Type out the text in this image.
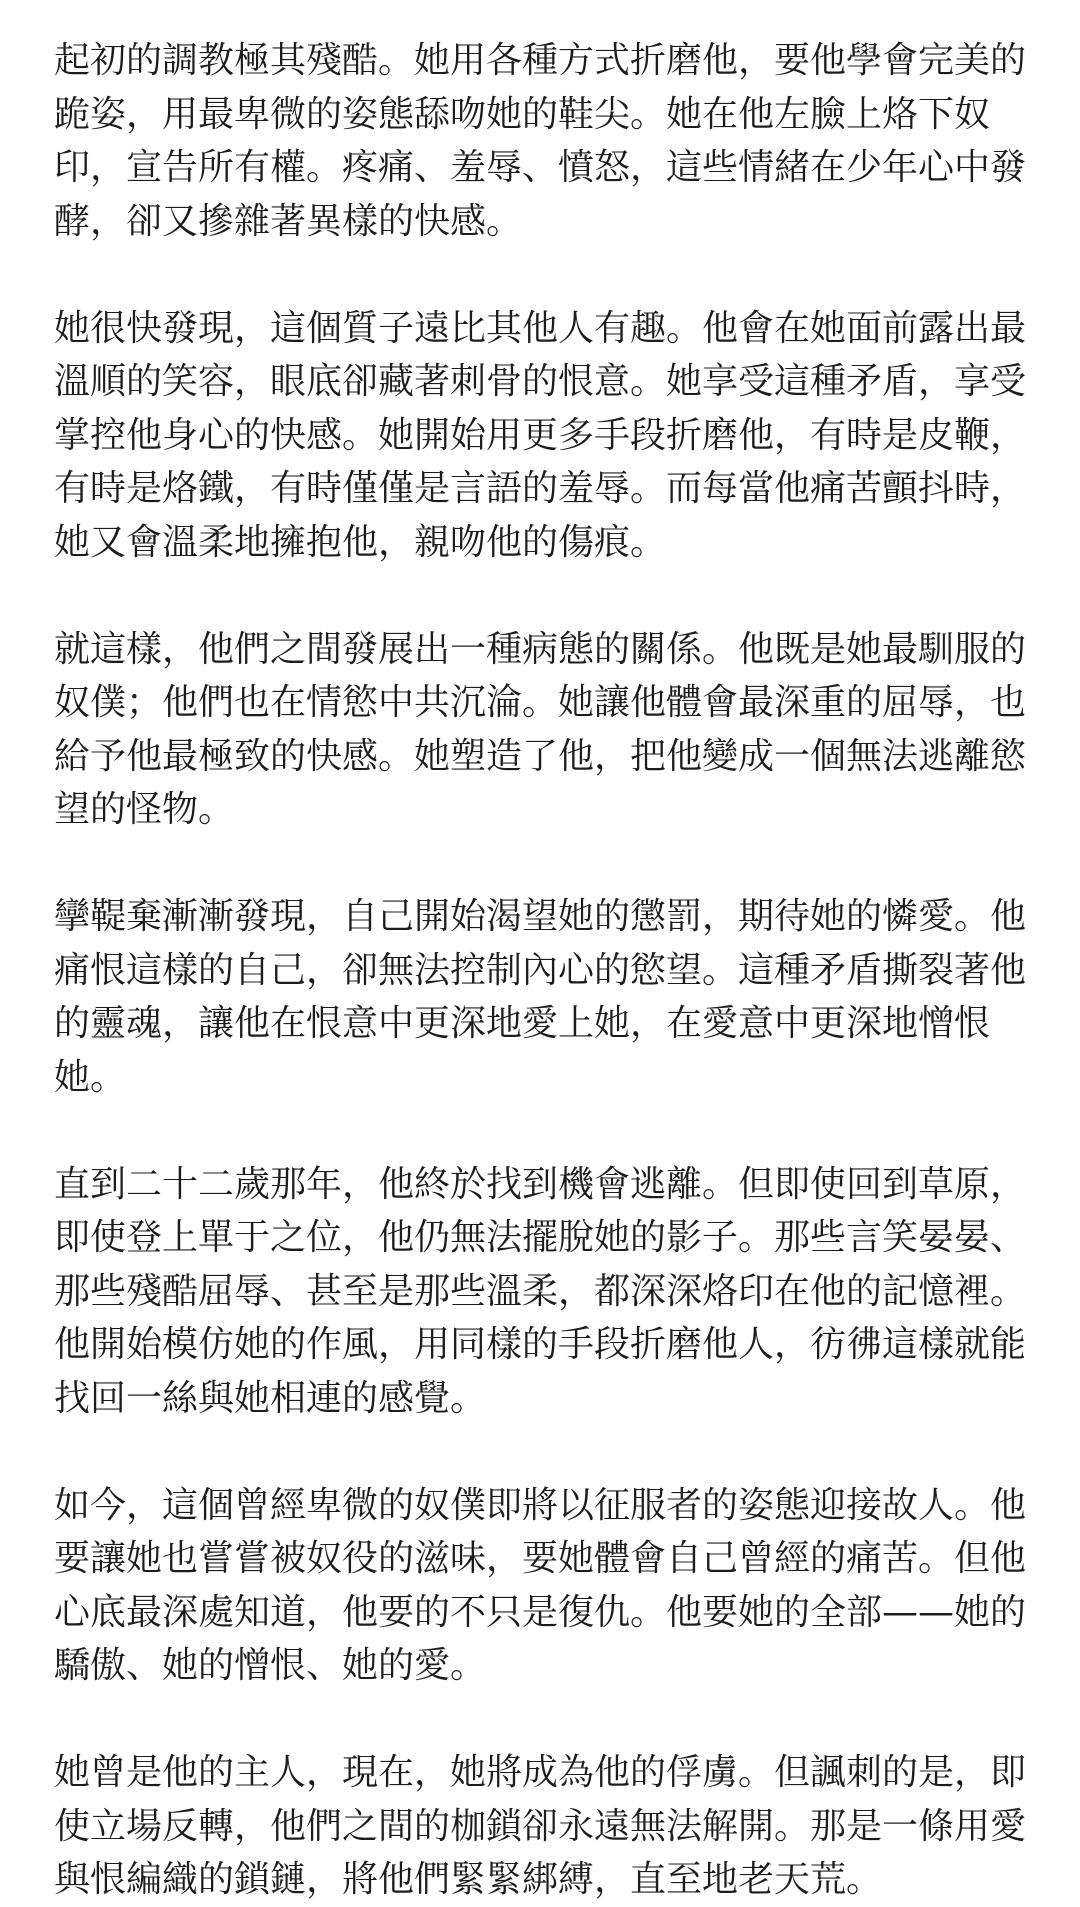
起初的調教極其殘酷。她用各種方式折磨他，要他學會完美的跪姿，用最卑微的姿態舔吻她的鞋尖。她在他左臉上烙下奴印，宣告所有權。疼痛、羞辱、憤怒，這些情緒在少年心中發酵，卻又摻雜著異樣的快感。

她很快發現，這個質子遠比其他人有趣。他會在她面前露出最溫順的笑容，眼底卻藏著刺骨的恨意。她享受這種矛盾，享受掌控他身心的快感。她開始用更多手段折磨他，有時是皮鞭，有時是烙鐵，有時僅僅是言語的羞辱。而每當他痛苦顫抖時，她又會溫柔地擁抱他，親吻他的傷痕。

就這樣，他們之間發展出一種病態的關係。他既是她最馴服的奴僕；他們也在情慾中共沉淪。她讓他體會最深重的屈辱，也給予他最極致的快感。她塑造了他，把他變成一個無法逃離慾望的怪物。

攣鞮棄漸漸發現，自己開始渴望她的懲罰，期待她的憐愛。他痛恨這樣的自己，卻無法控制內心的慾望。這種矛盾撕裂著他的靈魂，讓他在恨意中更深地愛上她，在愛意中更深地憎恨她。

直到二十二歲那年，他終於找到機會逃離。但即使回到草原，即使登上單于之位，他仍無法擺脫她的影子。那些言笑晏晏、那些殘酷屈辱、甚至是那些溫柔，都深深烙印在他的記憶裡。他開始模仿她的作風，用同樣的手段折磨他人，彷彿這樣就能找回一絲與她相連的感覺。

如今，這個曾經卑微的奴僕即將以征服者的姿態迎接故人。他要讓她也嘗嘗被奴役的滋味，要她體會自己曾經的痛苦。但他心底最深處知道，他要的不只是復仇。他要她的全部——她的驕傲、她的憎恨、她的愛。

她曾是他的主人，現在，她將成為他的俘虜。但諷刺的是，即使立場反轉，他們之間的枷鎖卻永遠無法解開。那是一條用愛與恨編織的鎖鏈，將他們緊緊綁縛，直至地老天荒。
